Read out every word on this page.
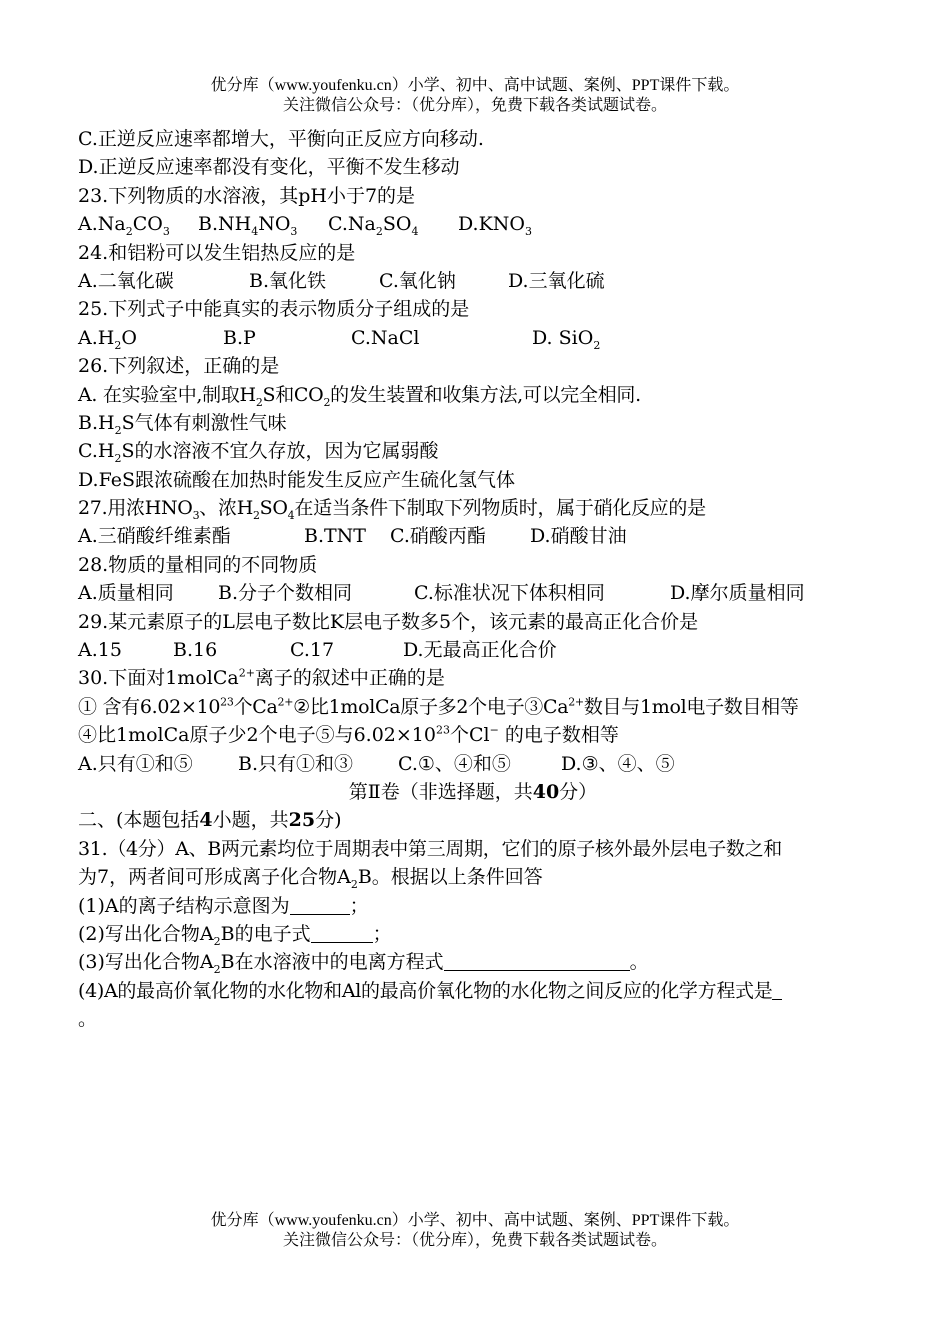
优分库（www.youfenku.cn）小学、初中、高中试题、案例、PPT课件下载。
关注微信公众号：（优分库），免费下载各类试题试卷。
C.正逆反应速率都增大，平衡向正反应方向移动.
D.正逆反应速率都没有变化，平衡不发生移动
23.下列物质的水溶液，其pH小于7的是
$A.Na_2CO_3$ $B.NH_4NO_3$ $C.Na_2SO_4$ $D.KNO_3$
24.和铝粉可以发生铝热反应的是
A.二氧化碳	B.氧化铁	C.氧化钠	D.三氧化硫
25.下列式子中能真实的表示物质分子组成的是
$A.H_2O$	B.P	C.NaCl	D. SiO$_2$
26.下列叙述，正确的是
A. 在实验室中,制取$H_2S$和$CO_2$的发生装置和收集方法,可以完全相同.
$B.H_2S$气体有刺激性气味
$C.H_2S$的水溶液不宜久存放，因为它属弱酸
D.FeS跟浓硫酸在加热时能发生反应产生硫化氢气体
27.用浓$HNO_3$、浓$H_2SO_4$在适当条件下制取下列物质时，属于硝化反应的是
A.三硝酸纤维素酯	B.TNT C.硝酸丙酯 D.硝酸甘油
28.物质的量相同的不同物质
A.质量相同 B.分子个数相同	C.标准状况下体积相同	D.摩尔质量相同
29.某元素原子的L层电子数比K层电子数多5个，该元素的最高正化合价是
A.15	B.16	C.17	D.无最高正化合价
30.下面对1molCa$^{2+}$离子的叙述中正确的是
① 含有$6.02\times 10^{23}$个$Ca^{2+}②$比1molCa原子多2个电子$③Ca^{2+}$数目与1mol电子数目相等
④比1molCa原子少2个电子⑤与$6.02\times 10^{23}$个Cl− 的电子数相等
A.只有①和⑤ B.只有①和③ C.①、④和⑤	D.③、④、⑤
第Ⅱ卷（非选择题，共40分）
二、(本题包括4小题，共25分)
31.（4分）A、B两元素均位于周期表中第三周期，它们的原子核外最外层电子数之和
为7，两者间可形成离子化合物$A_2B$。根据以上条件回答
(1)A的离子结构示意图为	；
(2)写出化合物$A_2B$的电子式	；
(3)写出化合物$A_2B$在水溶液中的电离方程式	。
(4)A的最高价氧化物的水化物和Al的最高价氧化物的水化物之间反应的化学方程式是
。
优分库（www.youfenku.cn）小学、初中、高中试题、案例、PPT课件下载。
关注微信公众号：（优分库），免费下载各类试题试卷。
